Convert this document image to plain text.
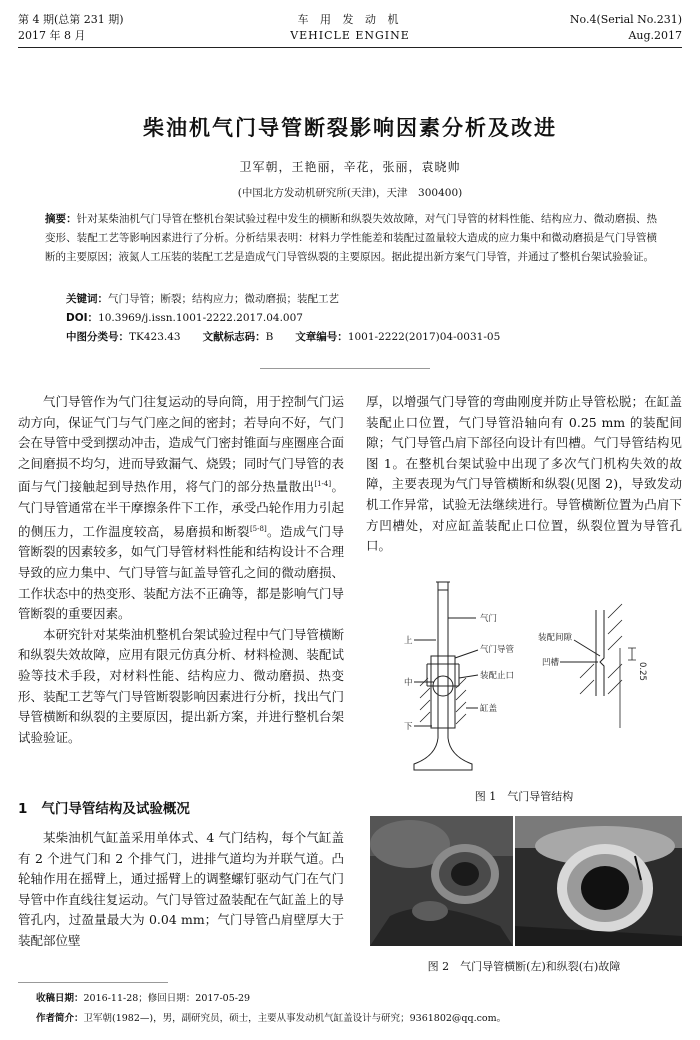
第 4 期(总第 231 期)
2017 年 8 月
车 用 发 动 机
VEHICLE ENGINE
No.4(Serial No.231)
Aug.2017
柴油机气门导管断裂影响因素分析及改进
卫军朝，王艳丽，辛花，张丽，袁晓帅
(中国北方发动机研究所(天津)，天津　300400)
摘要：针对某柴油机气门导管在整机台架试验过程中发生的横断和纵裂失效故障，对气门导管的材料性能、结构应力、微动磨损、热变形、装配工艺等影响因素进行了分析。分析结果表明：材料力学性能差和装配过盈量较大造成的应力集中和微动磨损是气门导管横断的主要原因；液氮人工压装的装配工艺是造成气门导管纵裂的主要原因。据此提出新方案气门导管，并通过了整机台架试验验证。
关键词：气门导管；断裂；结构应力；微动磨损；装配工艺
DOI：10.3969/j.issn.1001-2222.2017.04.007
中图分类号：TK423.43 文献标志码：B 文章编号：1001-2222(2017)04-0031-05

气门导管作为气门往复运动的导向筒，用于控制气门运动方向，保证气门与气门座之间的密封；若导向不好，气门会在导管中受到摆动冲击，造成气门密封锥面与座圈座合面之间磨损不均匀，进而导致漏气、烧毁；同时气门导管的表面与气门接触起到导热作用，将气门的部分热量散出[1-4]。气门导管通常在半干摩擦条件下工作，承受凸轮作用力引起的侧压力，工作温度较高，易磨损和断裂[5-8]。造成气门导管断裂的因素较多，如气门导管材料性能和结构设计不合理导致的应力集中、气门导管与缸盖导管孔之间的微动磨损、工作状态中的热变形、装配方法不正确等，都是影响气门导管断裂的重要因素。

本研究针对某柴油机整机台架试验过程中气门导管横断和纵裂失效故障，应用有限元仿真分析、材料检测、装配试验等技术手段，对材料性能、结构应力、微动磨损、热变形、装配工艺等气门导管断裂影响因素进行分析，找出气门导管横断和纵裂的主要原因，提出新方案，并进行整机台架试验验证。

1 气门导管结构及试验概况

某柴油机气缸盖采用单体式、4 气门结构，每个气缸盖有 2 个进气门和 2 个排气门，进排气道均为并联气道。凸轮轴作用在摇臂上，通过摇臂上的调整螺钉驱动气门在气门导管中作直线往复运动。气门导管过盈装配在气缸盖上的导管孔内，过盈量最大为 0.04 mm；气门导管凸肩壁厚大于装配部位壁

厚，以增强气门导管的弯曲刚度并防止导管松脱；在缸盖装配止口位置，气门导管沿轴向有 0.25 mm 的装配间隙；气门导管凸肩下部径向设计有凹槽。气门导管结构见图 1。在整机台架试验中出现了多次气门机构失效的故障，主要表现为气门导管横断和纵裂(见图 2)，导致发动机工作异常，试验无法继续进行。导管横断位置为凸肩下方凹槽处，对应缸盖装配止口位置，纵裂位置为导管孔口。

气门
气门导管
装配止口
缸盖
上
中
下
装配间隙
凹槽	0.25
图 1　气门导管结构
图 2　气门导管横断(左)和纵裂(右)故障
收稿日期：2016-11-28；修回日期：2017-05-29
作者简介：卫军朝(1982—)，男，副研究员，硕士，主要从事发动机气缸盖设计与研究；9361802@qq.com。
